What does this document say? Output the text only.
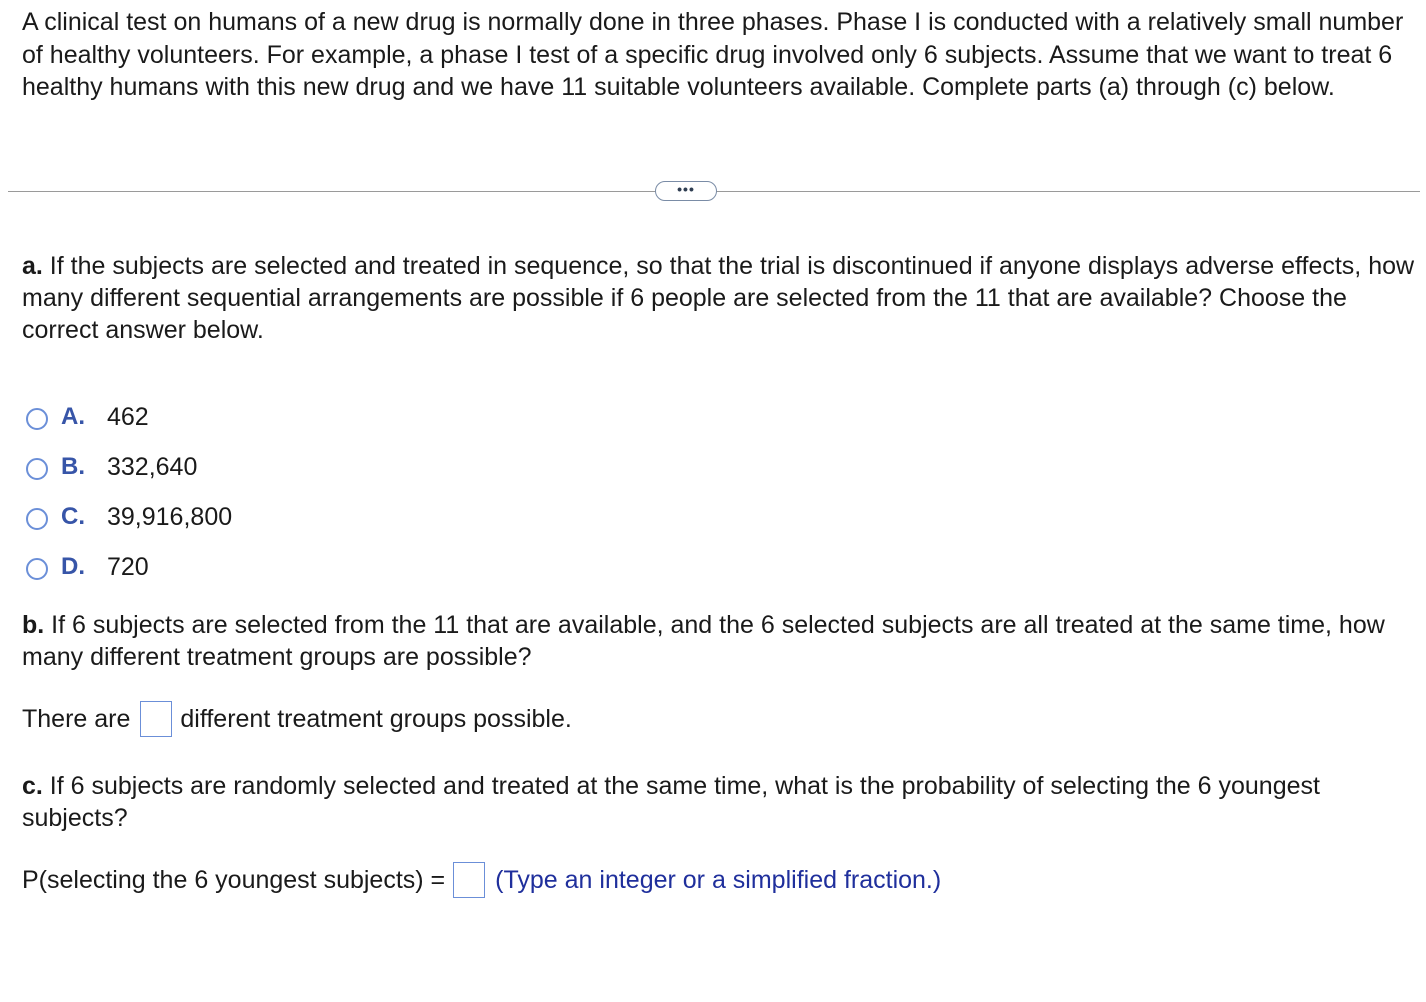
A clinical test on humans of a new drug is normally done in three phases. Phase I is conducted with a relatively small number of healthy volunteers. For example, a phase I test of a specific drug involved only 6 subjects. Assume that we want to treat 6 healthy humans with this new drug and we have 11 suitable volunteers available. Complete parts (a) through (c) below.

•••

a. If the subjects are selected and treated in sequence, so that the trial is discontinued if anyone displays adverse effects, how many different sequential arrangements are possible if 6 people are selected from the 11 that are available? Choose the correct answer below.

A. 462
B. 332,640
C. 39,916,800
D. 720

b. If 6 subjects are selected from the 11 that are available, and the 6 selected subjects are all treated at the same time, how many different treatment groups are possible?

There are different treatment groups possible.

c. If 6 subjects are randomly selected and treated at the same time, what is the probability of selecting the 6 youngest subjects?

P(selecting the 6 youngest subjects) = (Type an integer or a simplified fraction.)
